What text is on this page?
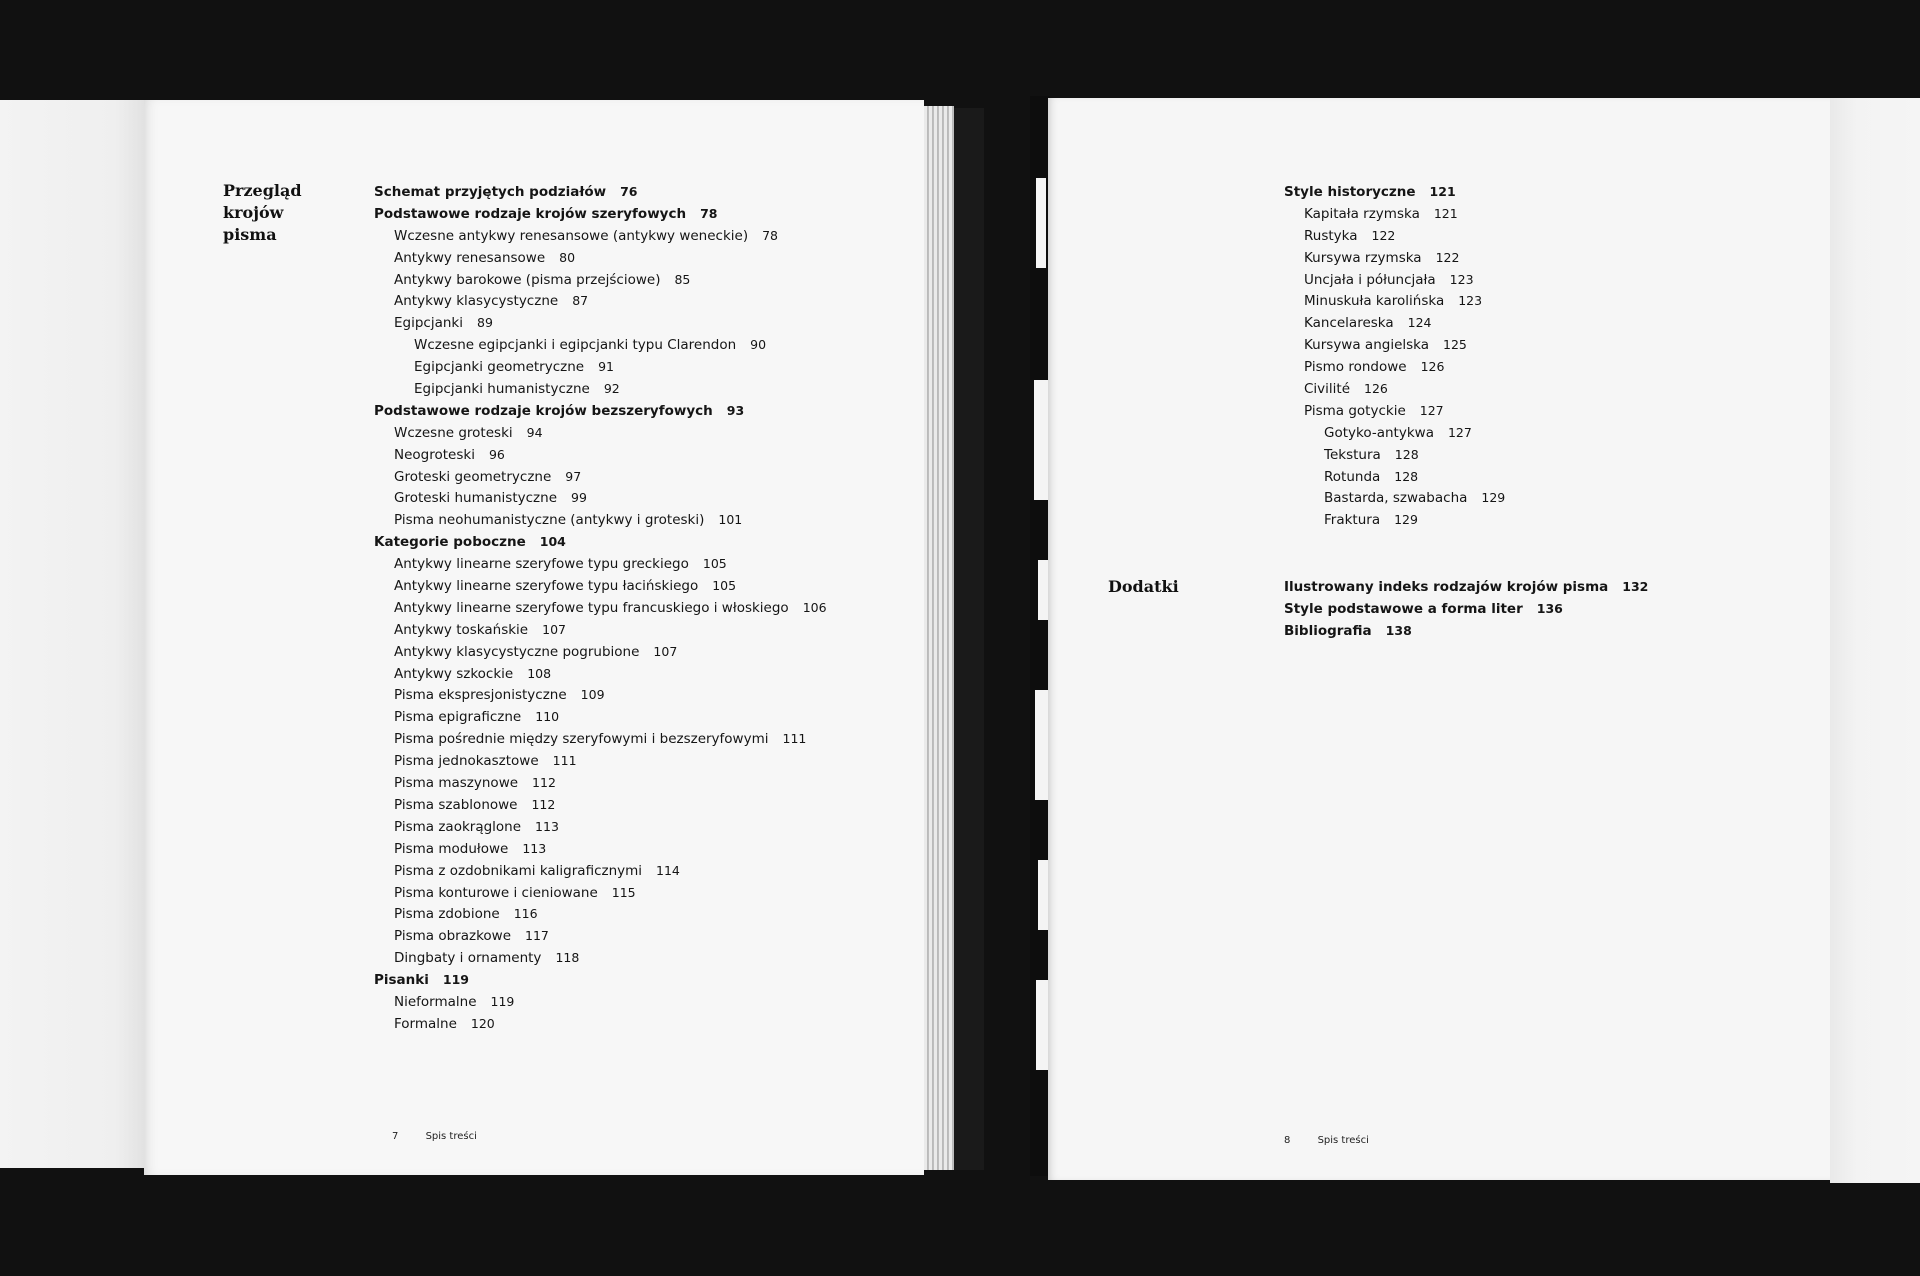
Przegląd
krojów
pisma
Schemat przyjętych podziałów 76
Podstawowe rodzaje krojów szeryfowych 78
Wczesne antykwy renesansowe (antykwy weneckie) 78
Antykwy renesansowe 80
Antykwy barokowe (pisma przejściowe) 85
Antykwy klasycystyczne 87
Egipcjanki 89
Wczesne egipcjanki i egipcjanki typu Clarendon 90
Egipcjanki geometryczne 91
Egipcjanki humanistyczne 92
Podstawowe rodzaje krojów bezszeryfowych 93
Wczesne groteski 94
Neogroteski 96
Groteski geometryczne 97
Groteski humanistyczne 99
Pisma neohumanistyczne (antykwy i groteski) 101
Kategorie poboczne 104
Antykwy linearne szeryfowe typu greckiego 105
Antykwy linearne szeryfowe typu łacińskiego 105
Antykwy linearne szeryfowe typu francuskiego i włoskiego 106
Antykwy toskańskie 107
Antykwy klasycystyczne pogrubione 107
Antykwy szkockie 108
Pisma ekspresjonistyczne 109
Pisma epigraficzne 110
Pisma pośrednie między szeryfowymi i bezszeryfowymi 111
Pisma jednokasztowe 111
Pisma maszynowe 112
Pisma szablonowe 112
Pisma zaokrąglone 113
Pisma modułowe 113
Pisma z ozdobnikami kaligraficznymi 114
Pisma konturowe i cieniowane 115
Pisma zdobione 116
Pisma obrazkowe 117
Dingbaty i ornamenty 118
Pisanki 119
Nieformalne 119
Formalne 120
7	Spis treści
Style historyczne 121
Kapitała rzymska 121
Rustyka 122
Kursywa rzymska 122
Uncjała i półuncjała 123
Minuskuła karolińska 123
Kancelareska 124
Kursywa angielska 125
Pismo rondowe 126
Civilité 126
Pisma gotyckie 127
Gotyko-antykwa 127
Tekstura 128
Rotunda 128
Bastarda, szwabacha 129
Fraktura 129
Dodatki	Ilustrowany indeks rodzajów krojów pisma 132
Style podstawowe a forma liter 136
Bibliografia 138
8	Spis treści
